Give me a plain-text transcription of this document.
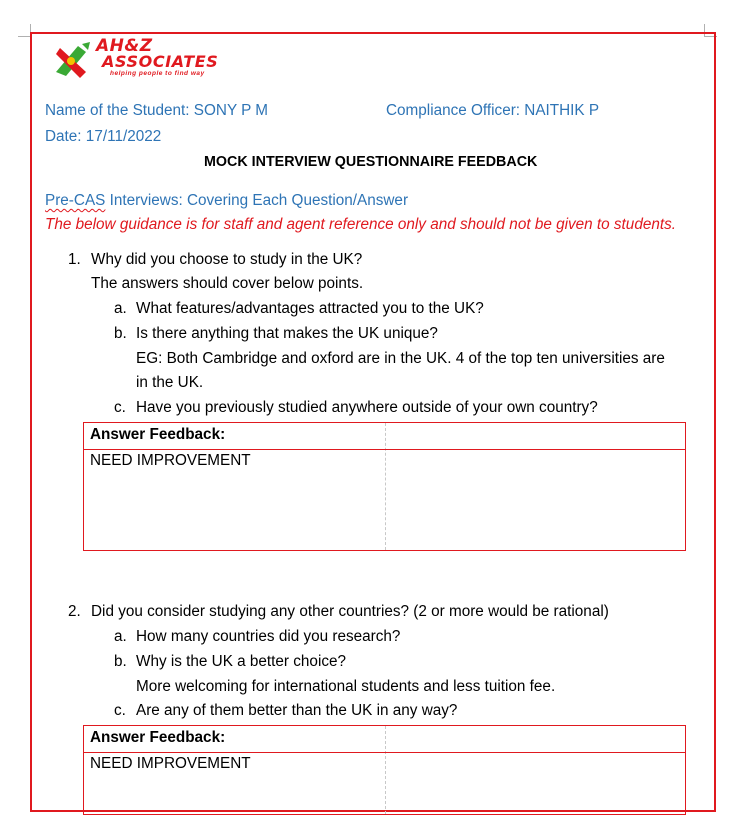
AH&Z
ASSOCIATES
helping people to find way
Name of the Student: SONY P M	Compliance Officer: NAITHIK P
Date: 17/11/2022
MOCK INTERVIEW QUESTIONNAIRE FEEDBACK
Pre-CAS Interviews: Covering Each Question/Answer
The below guidance is for staff and agent reference only and should not be given to students.
1. Why did you choose to study in the UK?
The answers should cover below points.
a. What features/advantages attracted you to the UK?
b. Is there anything that makes the UK unique?
EG: Both Cambridge and oxford are in the UK. 4 of the top ten universities are
in the UK.
c. Have you previously studied anywhere outside of your own country?
Answer Feedback:
NEED IMPROVEMENT
2. Did you consider studying any other countries? (2 or more would be rational)
a. How many countries did you research?
b. Why is the UK a better choice?
More welcoming for international students and less tuition fee.
c. Are any of them better than the UK in any way?
Answer Feedback:
NEED IMPROVEMENT
